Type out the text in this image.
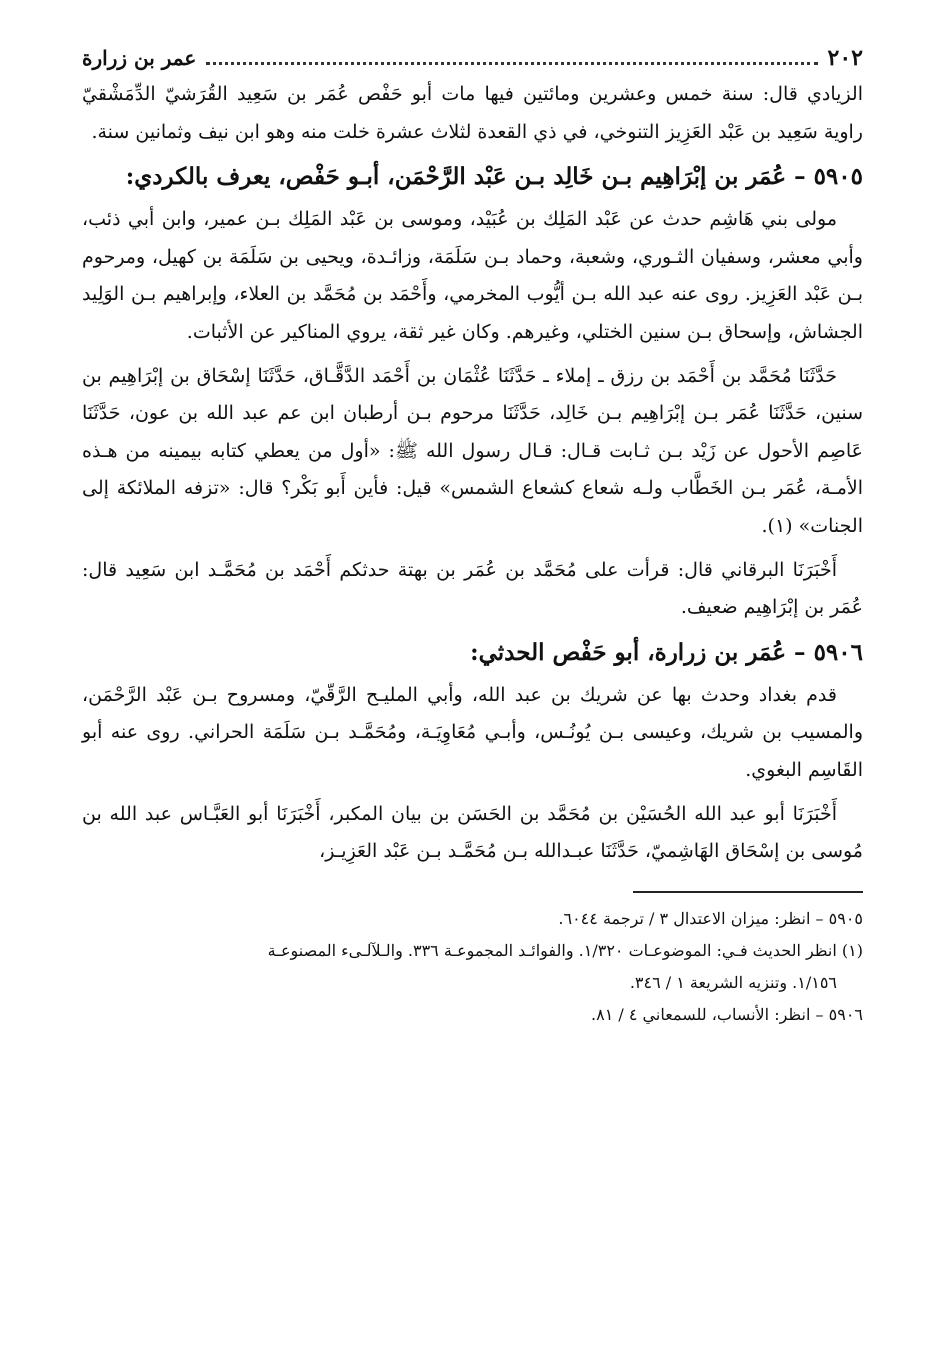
٢٠٢
عمر بن زرارة

الزيادي قال: سنة خمس وعشرين ومائتين فيها مات أبو حَفْص عُمَر بن سَعِيد القُرَشيّ الدِّمَشْقيّ راوية سَعِيد بن عَبْد العَزِيز التنوخي، في ذي القعدة لثلاث عشرة خلت منه وهو ابن نيف وثمانين سنة.

٥٩٠٥ – عُمَر بن إبْرَاهِيم بـن خَالِد بـن عَبْد الرَّحْمَن، أبـو حَفْص، يعرف بالكردي:

مولى بني هَاشِم حدث عن عَبْد المَلِك بن عُبَيْد، وموسى بن عَبْد المَلِك بـن عمير، وابن أبي ذئب، وأبي معشر، وسفيان الثـوري، وشعبة، وحماد بـن سَلَمَة، وزائـدة، ويحيى بن سَلَمَة بن كهيل، ومرحوم بـن عَبْد العَزِيز. روى عنه عبد الله بـن أيُّوب المخرمي، وأَحْمَد بن مُحَمَّد بن العلاء، وإبراهيم بـن الوَلِيد الجشاش، وإسحاق بـن سنين الختلي، وغيرهم. وكان غير ثقة، يروي المناكير عن الأثبات.

حَدَّثَنَا مُحَمَّد بن أَحْمَد بن رزق ـ إملاء ـ حَدَّثَنَا عُثْمَان بن أَحْمَد الدَّقَّـاق، حَدَّثَنَا إسْحَاق بن إبْرَاهِيم بن سنين، حَدَّثَنَا عُمَر بـن إبْرَاهِيم بـن خَالِد، حَدَّثَنَا مرحوم بـن أرطبان ابن عم عبد الله بن عون، حَدَّثَنَا عَاصِم الأحول عن زَيْد بـن ثـابت قـال: قـال رسول الله ﷺ: «أول من يعطي كتابه بيمينه من هـذه الأمـة، عُمَر بـن الخَطَّاب ولـه شعاع كشعاع الشمس» قيل: فأين أَبو بَكْر؟ قال: «تزفه الملائكة إلى الجنات» (١).

أَخْبَرَنَا البرقاني قال: قرأت على مُحَمَّد بن عُمَر بن بهتة حدثكم أَحْمَد بن مُحَمَّـد ابن سَعِيد قال: عُمَر بن إبْرَاهِيم ضعيف.

٥٩٠٦ – عُمَر بن زرارة، أبو حَفْص الحدثي:

قدم بغداد وحدث بها عن شريك بن عبد الله، وأبي المليـح الرَّقّيّ، ومسروح بـن عَبْد الرَّحْمَن، والمسيب بن شريك، وعيسى بـن يُونُـس، وأبـي مُعَاوِيَـة، ومُحَمَّـد بـن سَلَمَة الحراني. روى عنه أبو القَاسِم البغوي.

أَخْبَرَنَا أبو عبد الله الحُسَيْن بن مُحَمَّد بن الحَسَن بن بيان المكبر، أَخْبَرَنَا أبو العَبَّـاس عبد الله بن مُوسى بن إسْحَاق الهَاشِميّ، حَدَّثَنَا عبـدالله بـن مُحَمَّـد بـن عَبْد العَزِيـز،

٥٩٠٥ – انظر: ميزان الاعتدال ٣ / ترجمة ٦٠٤٤.

(١) انظر الحديث فـي: الموضوعـات ١/٣٢٠. والفوائـد المجموعـة ٣٣٦. والـلآلـىء المصنوعـة

١/١٥٦. وتنزيه الشريعة ١ / ٣٤٦.

٥٩٠٦ – انظر: الأنساب، للسمعاني ٤ / ٨١.
